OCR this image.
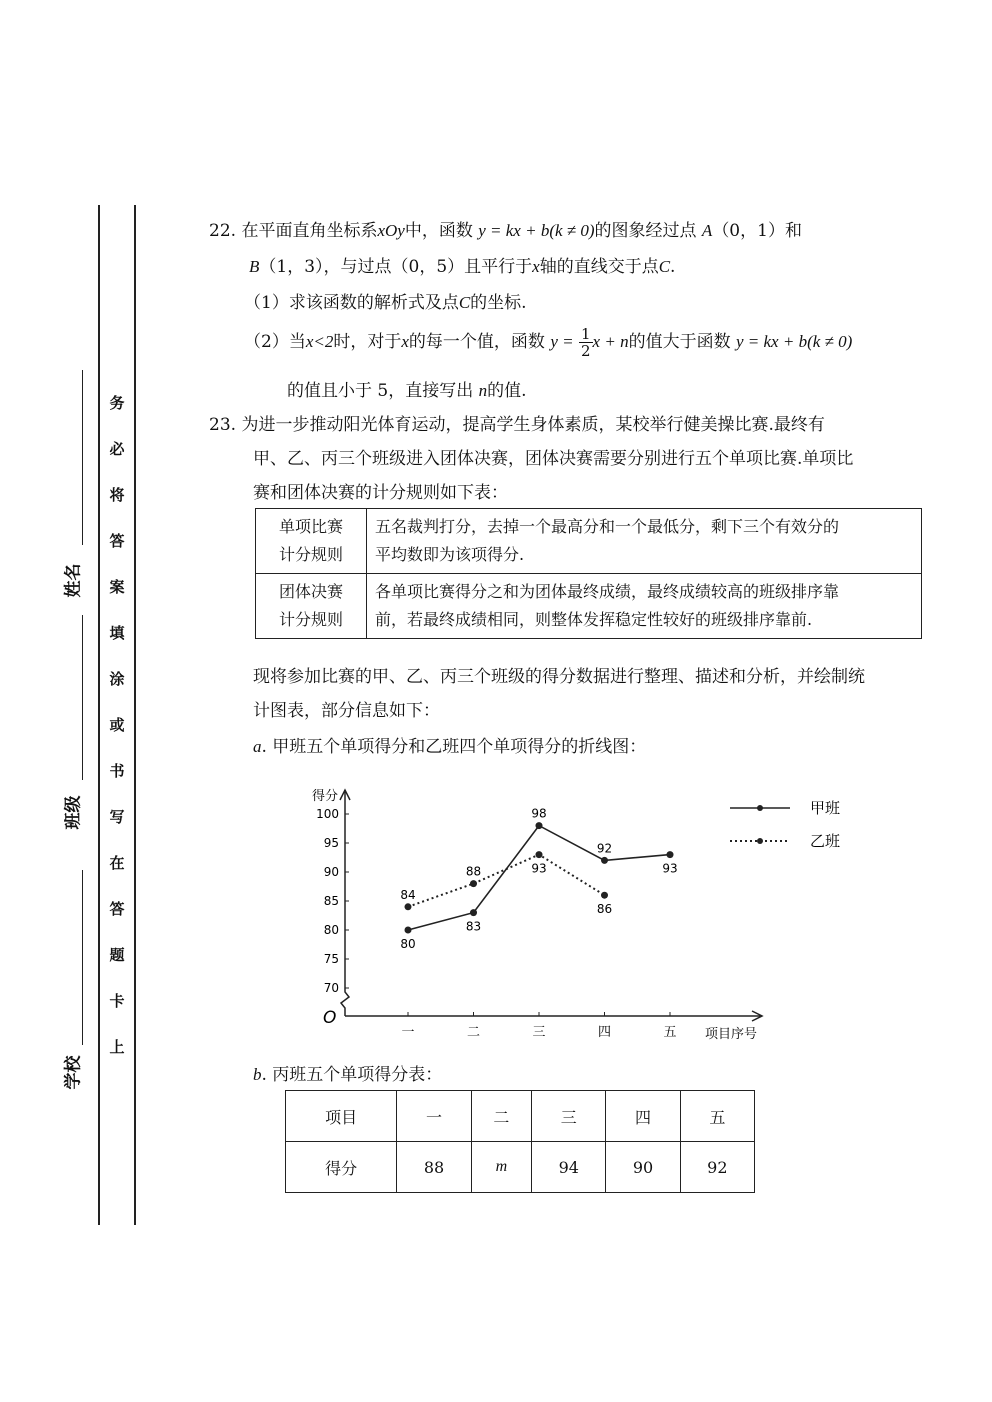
姓名
班级
学校
务
必
将
答
案
填
涂
或
书
写
在
答
题
卡
上
22. 在平面直角坐标系xOy中，函数 y = kx + b(k ≠ 0)的图象经过点 A（0，1）和
B（1，3），与过点（0，5）且平行于x轴的直线交于点C.
（1）求该函数的解析式及点C的坐标.
（2）当x<2时，对于x的每一个值，函数 $y = \frac{1}{2}$ x + n的值大于函数 y = kx + b(k ≠ 0)
的值且小于 5，直接写出 n的值.
23. 为进一步推动阳光体育运动，提高学生身体素质，某校举行健美操比赛.最终有
甲、乙、丙三个班级进入团体决赛，团体决赛需要分别进行五个单项比赛.单项比
赛和团体决赛的计分规则如下表：
单项比赛
计分规则	五名裁判打分，去掉一个最高分和一个最低分，剩下三个有效分的
平均数即为该项得分.
团体决赛
计分规则	各单项比赛得分之和为团体最终成绩，最终成绩较高的班级排序靠
前，若最终成绩相同，则整体发挥稳定性较好的班级排序靠前.
现将参加比赛的甲、乙、丙三个班级的得分数据进行整理、描述和分析，并绘制统
计图表，部分信息如下：
a. 甲班五个单项得分和乙班四个单项得分的折线图：
O
得分
项目序号
70
75
80
85
90
95
100
一	二	三	四	五
80
83
98
92
93
84
88	93
86
甲班
乙班
b. 丙班五个单项得分表：
项目	一	二	三	四	五
得分	88	m	94	90	92
